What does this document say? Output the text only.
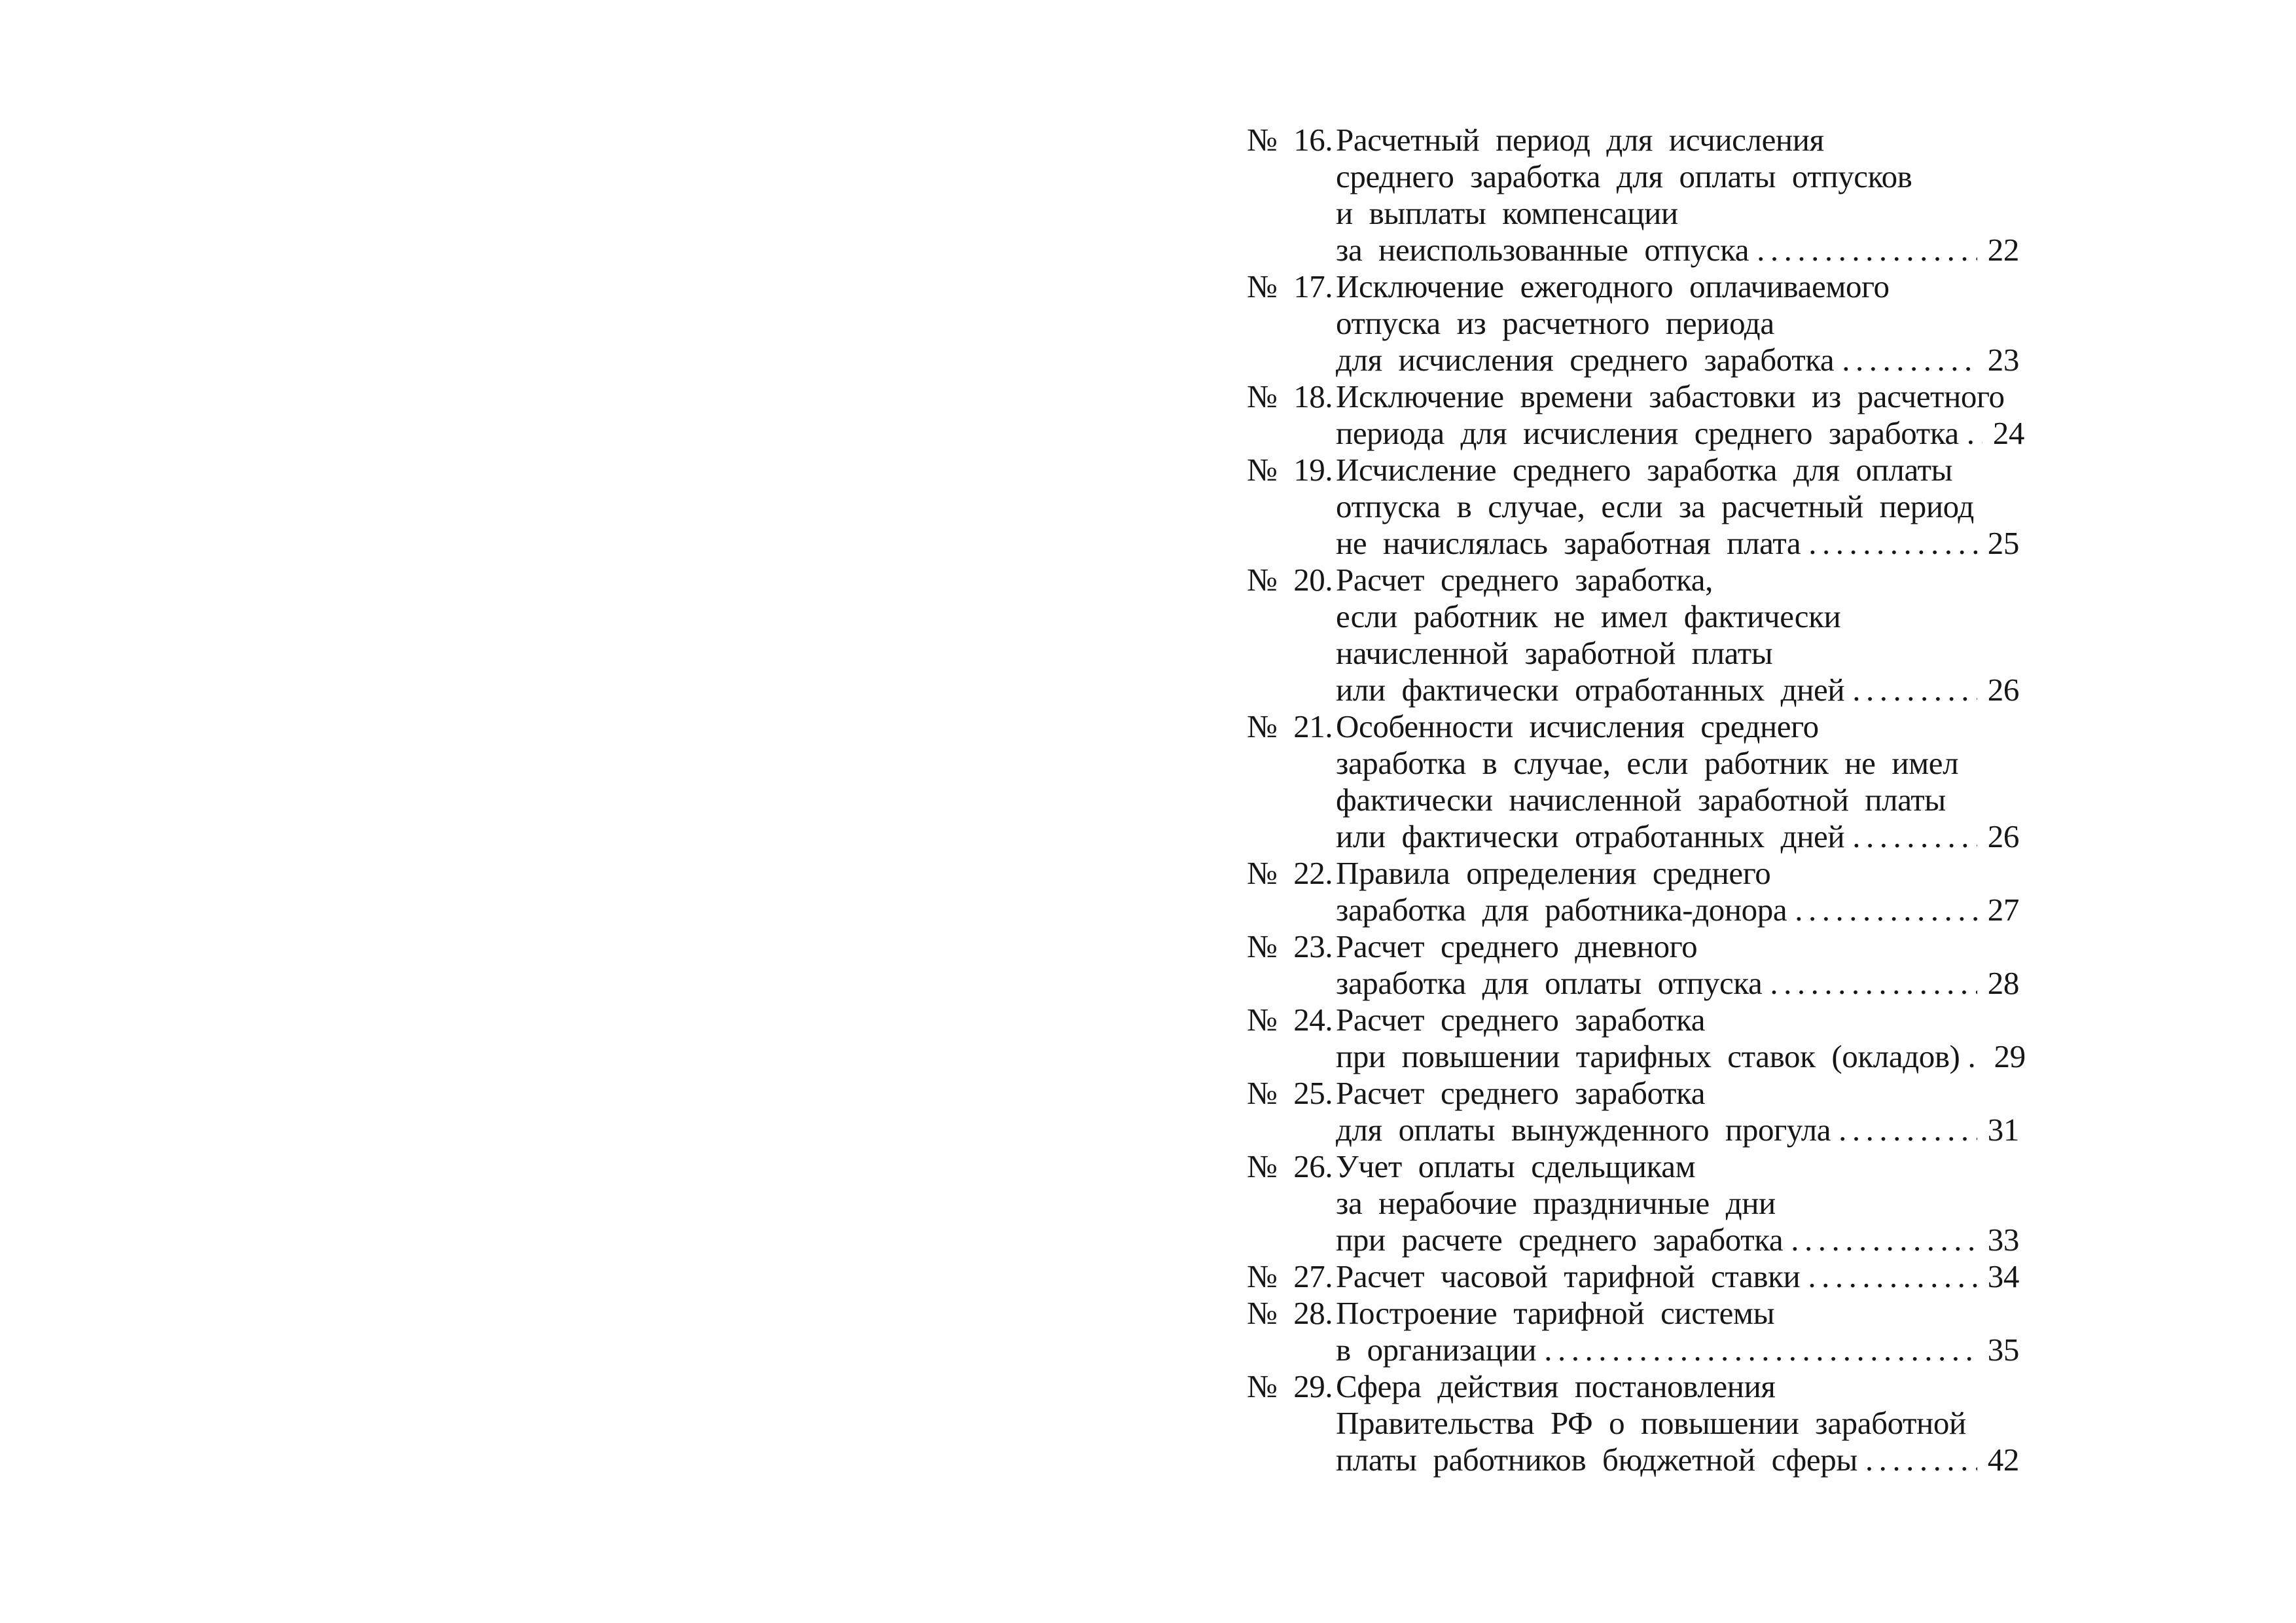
№ 16. Расчетный период для исчисления
среднего заработка для оплаты отпусков
и выплаты компенсации
за неиспользованные отпуска .....	22
№ 17. Исключение ежегодного оплачиваемого
отпуска из расчетного периода
для исчисления среднего заработка .....	23
№ 18. Исключение времени забастовки из расчетного
периода для исчисления среднего заработка ..... 24
№ 19. Исчисление среднего заработка для оплаты
отпуска в случае, если за расчетный период
не начислялась заработная плата .....	25
№ 20. Расчет среднего заработка,
если работник не имел фактически
начисленной заработной платы
или фактически отработанных дней .....	26
№ 21. Особенности исчисления среднего
заработка в случае, если работник не имел
фактически начисленной заработной платы
или фактически отработанных дней .....	26
№ 22. Правила определения среднего
заработка для работника-донора .....	27
№ 23. Расчет среднего дневного
заработка для оплаты отпуска .....	28
№ 24. Расчет среднего заработка
при повышении тарифных ставок (окладов) ..... 29
№ 25. Расчет среднего заработка
для оплаты вынужденного прогула .....	31
№ 26. Учет оплаты сдельщикам
за нерабочие праздничные дни
при расчете среднего заработка .....	33
№ 27. Расчет часовой тарифной ставки .....	34
№ 28. Построение тарифной системы
в организации .....	35
№ 29. Сфера действия постановления
Правительства РФ о повышении заработной
платы работников бюджетной сферы .....	42
